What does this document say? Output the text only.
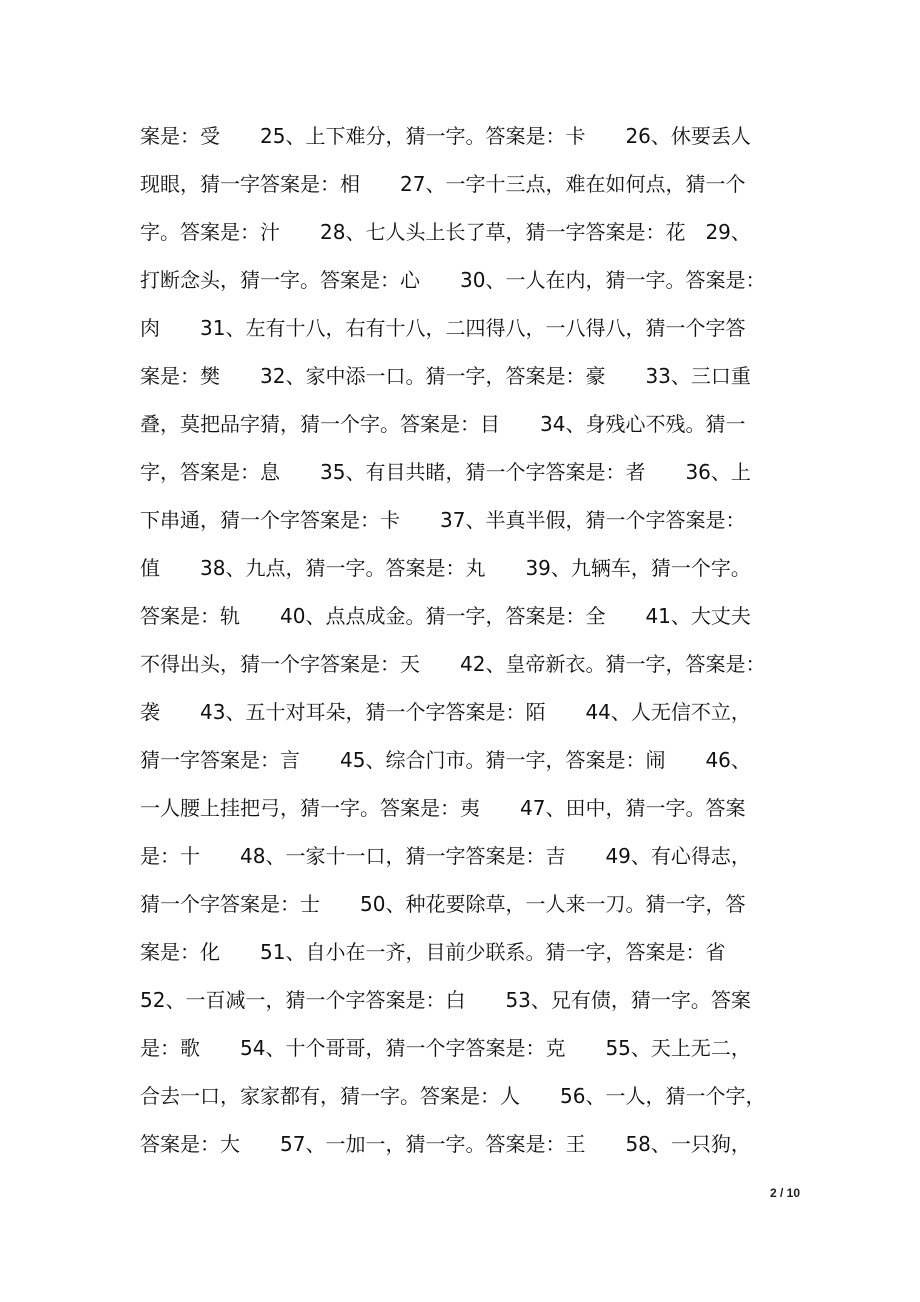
案是：受　　25、上下难分，猜一字。答案是：卡　　26、休要丢人
现眼，猜一字答案是：相　　27、一字十三点，难在如何点，猜一个
字。答案是：汁　　28、七人头上长了草，猜一字答案是：花　29、
打断念头，猜一字。答案是：心　　30、一人在内，猜一字。答案是：
肉　　31、左有十八，右有十八，二四得八，一八得八，猜一个字答
案是：樊　　32、家中添一口。猜一字，答案是：豪　　33、三口重
叠，莫把品字猜，猜一个字。答案是：目　　34、身残心不残。猜一
字，答案是：息　　35、有目共睹，猜一个字答案是：者　　36、上
下串通，猜一个字答案是：卡　　37、半真半假，猜一个字答案是：
值　　38、九点，猜一字。答案是：丸　　39、九辆车，猜一个字。
答案是：轨　　40、点点成金。猜一字，答案是：全　　41、大丈夫
不得出头，猜一个字答案是：天　　42、皇帝新衣。猜一字，答案是：
袭　　43、五十对耳朵，猜一个字答案是：陌　　44、人无信不立，
猜一字答案是：言　　45、综合门市。猜一字，答案是：闹　　46、
一人腰上挂把弓，猜一字。答案是：夷　　47、田中，猜一字。答案
是：十　　48、一家十一口，猜一字答案是：吉　　49、有心得志，
猜一个字答案是：士　　50、种花要除草，一人来一刀。猜一字，答
案是：化　　51、自小在一齐，目前少联系。猜一字，答案是：省
52、一百减一，猜一个字答案是：白　　53、兄有债，猜一字。答案
是：歌　　54、十个哥哥，猜一个字答案是：克　　55、天上无二，
合去一口，家家都有，猜一字。答案是：人　　56、一人，猜一个字，
答案是：大　　57、一加一，猜一字。答案是：王　　58、一只狗，
2 / 10
